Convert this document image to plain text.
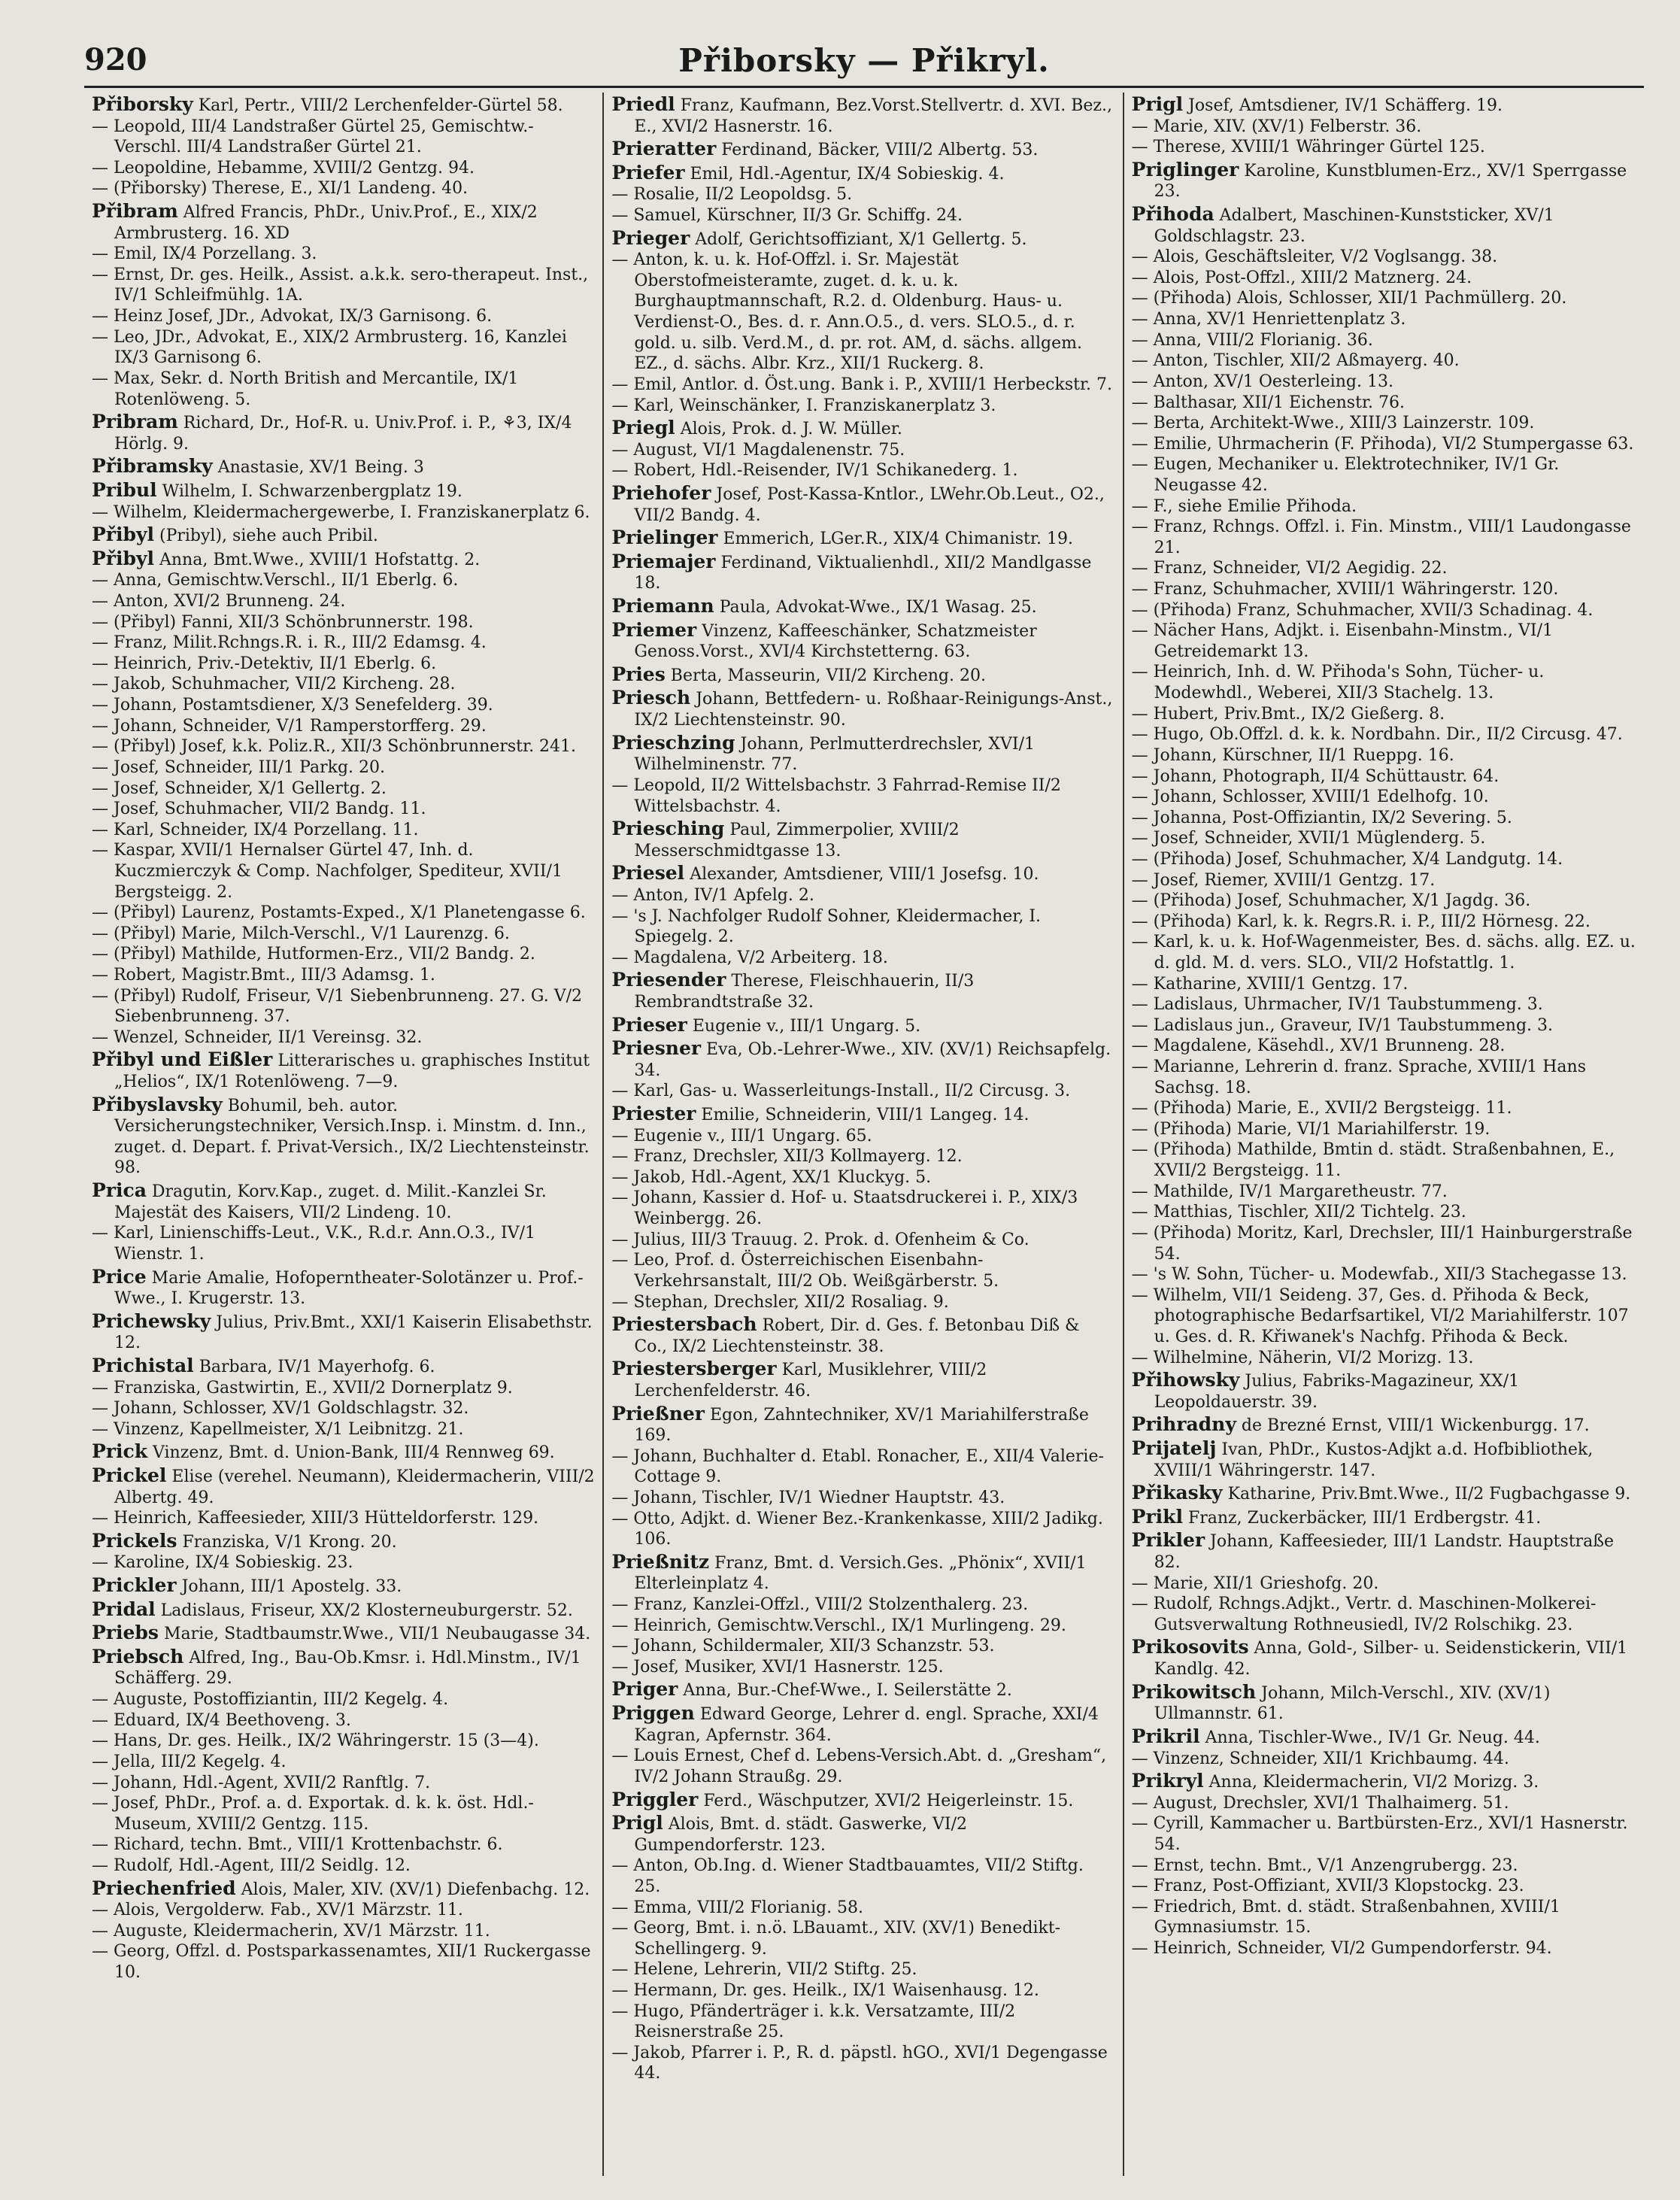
920	Přiborsky — Přikryl.

Přiborsky Karl, Pertr., VIII/2 Lerchenfelder-Gürtel 58.

— Leopold, III/4 Landstraßer Gürtel 25, Gemischtw.-Verschl. III/4 Landstraßer Gürtel 21.

— Leopoldine, Hebamme, XVIII/2 Gentzg. 94.

— (Přiborsky) Therese, E., XI/1 Landeng. 40.

Přibram Alfred Francis, PhDr., Univ.Prof., E., XIX/2 Armbrusterg. 16. XD

— Emil, IX/4 Porzellang. 3.

— Ernst, Dr. ges. Heilk., Assist. a.k.k. sero-therapeut. Inst., IV/1 Schleifmühlg. 1A.

— Heinz Josef, JDr., Advokat, IX/3 Garnisong. 6.

— Leo, JDr., Advokat, E., XIX/2 Armbrusterg. 16, Kanzlei IX/3 Garnisong 6.

— Max, Sekr. d. North British and Mercantile, IX/1 Rotenlöweng. 5.

Pribram Richard, Dr., Hof-R. u. Univ.Prof. i. P., ⚘3, IX/4 Hörlg. 9.

Přibramsky Anastasie, XV/1 Being. 3

Pribul Wilhelm, I. Schwarzenbergplatz 19.

— Wilhelm, Kleidermachergewerbe, I. Franziskanerplatz 6.

Přibyl (Pribyl), siehe auch Pribil.

Přibyl Anna, Bmt.Wwe., XVIII/1 Hofstattg. 2.

— Anna, Gemischtw.Verschl., II/1 Eberlg. 6.

— Anton, XVI/2 Brunneng. 24.

— (Přibyl) Fanni, XII/3 Schönbrunnerstr. 198.

— Franz, Milit.Rchngs.R. i. R., III/2 Edamsg. 4.

— Heinrich, Priv.-Detektiv, II/1 Eberlg. 6.

— Jakob, Schuhmacher, VII/2 Kircheng. 28.

— Johann, Postamtsdiener, X/3 Senefelderg. 39.

— Johann, Schneider, V/1 Ramperstorfferg. 29.

— (Přibyl) Josef, k.k. Poliz.R., XII/3 Schönbrunnerstr. 241.

— Josef, Schneider, III/1 Parkg. 20.

— Josef, Schneider, X/1 Gellertg. 2.

— Josef, Schuhmacher, VII/2 Bandg. 11.

— Karl, Schneider, IX/4 Porzellang. 11.

— Kaspar, XVII/1 Hernalser Gürtel 47, Inh. d. Kuczmierczyk & Comp. Nachfolger, Spediteur, XVII/1 Bergsteigg. 2.

— (Přibyl) Laurenz, Postamts-Exped., X/1 Planetengasse 6.

— (Přibyl) Marie, Milch-Verschl., V/1 Laurenzg. 6.

— (Přibyl) Mathilde, Hutformen-Erz., VII/2 Bandg. 2.

— Robert, Magistr.Bmt., III/3 Adamsg. 1.

— (Přibyl) Rudolf, Friseur, V/1 Siebenbrunneng. 27. G. V/2 Siebenbrunneng. 37.

— Wenzel, Schneider, II/1 Vereinsg. 32.

Přibyl und Eißler Litterarisches u. graphisches Institut „Helios“, IX/1 Rotenlöweng. 7—9.

Přibyslavsky Bohumil, beh. autor. Versicherungstechniker, Versich.Insp. i. Minstm. d. Inn., zuget. d. Depart. f. Privat-Versich., IX/2 Liechtensteinstr. 98.

Prica Dragutin, Korv.Kap., zuget. d. Milit.-Kanzlei Sr. Majestät des Kaisers, VII/2 Lindeng. 10.

— Karl, Linienschiffs-Leut., V.K., R.d.r. Ann.O.3., IV/1 Wienstr. 1.

Price Marie Amalie, Hofoperntheater-Solotänzer u. Prof.-Wwe., I. Krugerstr. 13.

Prichewsky Julius, Priv.Bmt., XXI/1 Kaiserin Elisabethstr. 12.

Prichistal Barbara, IV/1 Mayerhofg. 6.

— Franziska, Gastwirtin, E., XVII/2 Dornerplatz 9.

— Johann, Schlosser, XV/1 Goldschlagstr. 32.

— Vinzenz, Kapellmeister, X/1 Leibnitzg. 21.

Prick Vinzenz, Bmt. d. Union-Bank, III/4 Rennweg 69.

Prickel Elise (verehel. Neumann), Kleidermacherin, VIII/2 Albertg. 49.

— Heinrich, Kaffeesieder, XIII/3 Hütteldorferstr. 129.

Prickels Franziska, V/1 Krong. 20.

— Karoline, IX/4 Sobieskig. 23.

Prickler Johann, III/1 Apostelg. 33.

Pridal Ladislaus, Friseur, XX/2 Klosterneuburgerstr. 52.

Priebs Marie, Stadtbaumstr.Wwe., VII/1 Neubaugasse 34.

Priebsch Alfred, Ing., Bau-Ob.Kmsr. i. Hdl.Minstm., IV/1 Schäfferg. 29.

— Auguste, Postoffiziantin, III/2 Kegelg. 4.

— Eduard, IX/4 Beethoveng. 3.

— Hans, Dr. ges. Heilk., IX/2 Währingerstr. 15 (3—4).

— Jella, III/2 Kegelg. 4.

— Johann, Hdl.-Agent, XVII/2 Ranftlg. 7.

— Josef, PhDr., Prof. a. d. Exportak. d. k. k. öst. Hdl.-Museum, XVIII/2 Gentzg. 115.

— Richard, techn. Bmt., VIII/1 Krottenbachstr. 6.

— Rudolf, Hdl.-Agent, III/2 Seidlg. 12.

Priechenfried Alois, Maler, XIV. (XV/1) Diefenbachg. 12.

— Alois, Vergolderw. Fab., XV/1 Märzstr. 11.

— Auguste, Kleidermacherin, XV/1 Märzstr. 11.

— Georg, Offzl. d. Postsparkassenamtes, XII/1 Ruckergasse 10.

Priedl Franz, Kaufmann, Bez.Vorst.Stellvertr. d. XVI. Bez., E., XVI/2 Hasnerstr. 16.

Prieratter Ferdinand, Bäcker, VIII/2 Albertg. 53.

Priefer Emil, Hdl.-Agentur, IX/4 Sobieskig. 4.

— Rosalie, II/2 Leopoldsg. 5.

— Samuel, Kürschner, II/3 Gr. Schiffg. 24.

Prieger Adolf, Gerichtsoffiziant, X/1 Gellertg. 5.

— Anton, k. u. k. Hof-Offzl. i. Sr. Majestät Oberstofmeisteramte, zuget. d. k. u. k. Burghauptmannschaft, R.2. d. Oldenburg. Haus- u. Verdienst-O., Bes. d. r. Ann.O.5., d. vers. SLO.5., d. r. gold. u. silb. Verd.M., d. pr. rot. AM, d. sächs. allgem. EZ., d. sächs. Albr. Krz., XII/1 Ruckerg. 8.

— Emil, Antlor. d. Öst.ung. Bank i. P., XVIII/1 Herbeckstr. 7.

— Karl, Weinschänker, I. Franziskanerplatz 3.

Priegl Alois, Prok. d. J. W. Müller.

— August, VI/1 Magdalenenstr. 75.

— Robert, Hdl.-Reisender, IV/1 Schikanederg. 1.

Priehofer Josef, Post-Kassa-Kntlor., LWehr.Ob.Leut., O2., VII/2 Bandg. 4.

Prielinger Emmerich, LGer.R., XIX/4 Chimanistr. 19.

Priemajer Ferdinand, Viktualienhdl., XII/2 Mandlgasse 18.

Priemann Paula, Advokat-Wwe., IX/1 Wasag. 25.

Priemer Vinzenz, Kaffeeschänker, Schatzmeister Genoss.Vorst., XVI/4 Kirchstetterng. 63.

Pries Berta, Masseurin, VII/2 Kircheng. 20.

Priesch Johann, Bettfedern- u. Roßhaar-Reinigungs-Anst., IX/2 Liechtensteinstr. 90.

Prieschzing Johann, Perlmutterdrechsler, XVI/1 Wilhelminenstr. 77.

— Leopold, II/2 Wittelsbachstr. 3 Fahrrad-Remise II/2 Wittelsbachstr. 4.

Priesching Paul, Zimmerpolier, XVIII/2 Messerschmidtgasse 13.

Priesel Alexander, Amtsdiener, VIII/1 Josefsg. 10.

— Anton, IV/1 Apfelg. 2.

— 's J. Nachfolger Rudolf Sohner, Kleidermacher, I. Spiegelg. 2.

— Magdalena, V/2 Arbeiterg. 18.

Priesender Therese, Fleischhauerin, II/3 Rembrandtstraße 32.

Prieser Eugenie v., III/1 Ungarg. 5.

Priesner Eva, Ob.-Lehrer-Wwe., XIV. (XV/1) Reichsapfelg. 34.

— Karl, Gas- u. Wasserleitungs-Install., II/2 Circusg. 3.

Priester Emilie, Schneiderin, VIII/1 Langeg. 14.

— Eugenie v., III/1 Ungarg. 65.

— Franz, Drechsler, XII/3 Kollmayerg. 12.

— Jakob, Hdl.-Agent, XX/1 Kluckyg. 5.

— Johann, Kassier d. Hof- u. Staatsdruckerei i. P., XIX/3 Weinbergg. 26.

— Julius, III/3 Trauug. 2. Prok. d. Ofenheim & Co.

— Leo, Prof. d. Österreichischen Eisenbahn-Verkehrsanstalt, III/2 Ob. Weißgärberstr. 5.

— Stephan, Drechsler, XII/2 Rosaliag. 9.

Priestersbach Robert, Dir. d. Ges. f. Betonbau Diß & Co., IX/2 Liechtensteinstr. 38.

Priestersberger Karl, Musiklehrer, VIII/2 Lerchenfelderstr. 46.

Prießner Egon, Zahntechniker, XV/1 Mariahilferstraße 169.

— Johann, Buchhalter d. Etabl. Ronacher, E., XII/4 Valerie-Cottage 9.

— Johann, Tischler, IV/1 Wiedner Hauptstr. 43.

— Otto, Adjkt. d. Wiener Bez.-Krankenkasse, XIII/2 Jadikg. 106.

Prießnitz Franz, Bmt. d. Versich.Ges. „Phönix“, XVII/1 Elterleinplatz 4.

— Franz, Kanzlei-Offzl., VIII/2 Stolzenthalerg. 23.

— Heinrich, Gemischtw.Verschl., IX/1 Murlingeng. 29.

— Johann, Schildermaler, XII/3 Schanzstr. 53.

— Josef, Musiker, XVI/1 Hasnerstr. 125.

Priger Anna, Bur.-Chef-Wwe., I. Seilerstätte 2.

Priggen Edward George, Lehrer d. engl. Sprache, XXI/4 Kagran, Apfernstr. 364.

— Louis Ernest, Chef d. Lebens-Versich.Abt. d. „Gresham“, IV/2 Johann Straußg. 29.

Priggler Ferd., Wäschputzer, XVI/2 Heigerleinstr. 15.

Prigl Alois, Bmt. d. städt. Gaswerke, VI/2 Gumpendorferstr. 123.

— Anton, Ob.Ing. d. Wiener Stadtbauamtes, VII/2 Stiftg. 25.

— Emma, VIII/2 Florianig. 58.

— Georg, Bmt. i. n.ö. LBauamt., XIV. (XV/1) Benedikt-Schellingerg. 9.

— Helene, Lehrerin, VII/2 Stiftg. 25.

— Hermann, Dr. ges. Heilk., IX/1 Waisenhausg. 12.

— Hugo, Pfänderträger i. k.k. Versatzamte, III/2 Reisnerstraße 25.

— Jakob, Pfarrer i. P., R. d. päpstl. hGO., XVI/1 Degengasse 44.

Prigl Josef, Amtsdiener, IV/1 Schäfferg. 19.

— Marie, XIV. (XV/1) Felberstr. 36.

— Therese, XVIII/1 Währinger Gürtel 125.

Priglinger Karoline, Kunstblumen-Erz., XV/1 Sperrgasse 23.

Přihoda Adalbert, Maschinen-Kunststicker, XV/1 Goldschlagstr. 23.

— Alois, Geschäftsleiter, V/2 Voglsangg. 38.

— Alois, Post-Offzl., XIII/2 Matznerg. 24.

— (Přihoda) Alois, Schlosser, XII/1 Pachmüllerg. 20.

— Anna, XV/1 Henriettenplatz 3.

— Anna, VIII/2 Florianig. 36.

— Anton, Tischler, XII/2 Aßmayerg. 40.

— Anton, XV/1 Oesterleing. 13.

— Balthasar, XII/1 Eichenstr. 76.

— Berta, Architekt-Wwe., XIII/3 Lainzerstr. 109.

— Emilie, Uhrmacherin (F. Přihoda), VI/2 Stumpergasse 63.

— Eugen, Mechaniker u. Elektrotechniker, IV/1 Gr. Neugasse 42.

— F., siehe Emilie Přihoda.

— Franz, Rchngs. Offzl. i. Fin. Minstm., VIII/1 Laudongasse 21.

— Franz, Schneider, VI/2 Aegidig. 22.

— Franz, Schuhmacher, XVIII/1 Währingerstr. 120.

— (Přihoda) Franz, Schuhmacher, XVII/3 Schadinag. 4.

— Nächer Hans, Adjkt. i. Eisenbahn-Minstm., VI/1 Getreidemarkt 13.

— Heinrich, Inh. d. W. Přihoda's Sohn, Tücher- u. Modewhdl., Weberei, XII/3 Stachelg. 13.

— Hubert, Priv.Bmt., IX/2 Gießerg. 8.

— Hugo, Ob.Offzl. d. k. k. Nordbahn. Dir., II/2 Circusg. 47.

— Johann, Kürschner, II/1 Rueppg. 16.

— Johann, Photograph, II/4 Schüttaustr. 64.

— Johann, Schlosser, XVIII/1 Edelhofg. 10.

— Johanna, Post-Offiziantin, IX/2 Severing. 5.

— Josef, Schneider, XVII/1 Müglenderg. 5.

— (Přihoda) Josef, Schuhmacher, X/4 Landgutg. 14.

— Josef, Riemer, XVIII/1 Gentzg. 17.

— (Přihoda) Josef, Schuhmacher, X/1 Jagdg. 36.

— (Přihoda) Karl, k. k. Regrs.R. i. P., III/2 Hörnesg. 22.

— Karl, k. u. k. Hof-Wagenmeister, Bes. d. sächs. allg. EZ. u. d. gld. M. d. vers. SLO., VII/2 Hofstattlg. 1.

— Katharine, XVIII/1 Gentzg. 17.

— Ladislaus, Uhrmacher, IV/1 Taubstummeng. 3.

— Ladislaus jun., Graveur, IV/1 Taubstummeng. 3.

— Magdalene, Käsehdl., XV/1 Brunneng. 28.

— Marianne, Lehrerin d. franz. Sprache, XVIII/1 Hans Sachsg. 18.

— (Přihoda) Marie, E., XVII/2 Bergsteigg. 11.

— (Přihoda) Marie, VI/1 Mariahilferstr. 19.

— (Přihoda) Mathilde, Bmtin d. städt. Straßenbahnen, E., XVII/2 Bergsteigg. 11.

— Mathilde, IV/1 Margaretheustr. 77.

— Matthias, Tischler, XII/2 Tichtelg. 23.

— (Přihoda) Moritz, Karl, Drechsler, III/1 Hainburgerstraße 54.

— 's W. Sohn, Tücher- u. Modewfab., XII/3 Stachegasse 13.

— Wilhelm, VII/1 Seideng. 37, Ges. d. Přihoda & Beck, photographische Bedarfsartikel, VI/2 Mariahilferstr. 107 u. Ges. d. R. Křiwanek's Nachfg. Přihoda & Beck.

— Wilhelmine, Näherin, VI/2 Morizg. 13.

Přihowsky Julius, Fabriks-Magazineur, XX/1 Leopoldauerstr. 39.

Prihradny de Brezné Ernst, VIII/1 Wickenburgg. 17.

Prijatelj Ivan, PhDr., Kustos-Adjkt a.d. Hofbibliothek, XVIII/1 Währingerstr. 147.

Přikasky Katharine, Priv.Bmt.Wwe., II/2 Fugbachgasse 9.

Prikl Franz, Zuckerbäcker, III/1 Erdbergstr. 41.

Prikler Johann, Kaffeesieder, III/1 Landstr. Hauptstraße 82.

— Marie, XII/1 Grieshofg. 20.

— Rudolf, Rchngs.Adjkt., Vertr. d. Maschinen-Molkerei-Gutsverwaltung Rothneusiedl, IV/2 Rolschikg. 23.

Prikosovits Anna, Gold-, Silber- u. Seidenstickerin, VII/1 Kandlg. 42.

Prikowitsch Johann, Milch-Verschl., XIV. (XV/1) Ullmannstr. 61.

Prikril Anna, Tischler-Wwe., IV/1 Gr. Neug. 44.

— Vinzenz, Schneider, XII/1 Krichbaumg. 44.

Prikryl Anna, Kleidermacherin, VI/2 Morizg. 3.

— August, Drechsler, XVI/1 Thalhaimerg. 51.

— Cyrill, Kammacher u. Bartbürsten-Erz., XVI/1 Hasnerstr. 54.

— Ernst, techn. Bmt., V/1 Anzengrubergg. 23.

— Franz, Post-Offiziant, XVII/3 Klopstockg. 23.

— Friedrich, Bmt. d. städt. Straßenbahnen, XVIII/1 Gymnasiumstr. 15.

— Heinrich, Schneider, VI/2 Gumpendorferstr. 94.
